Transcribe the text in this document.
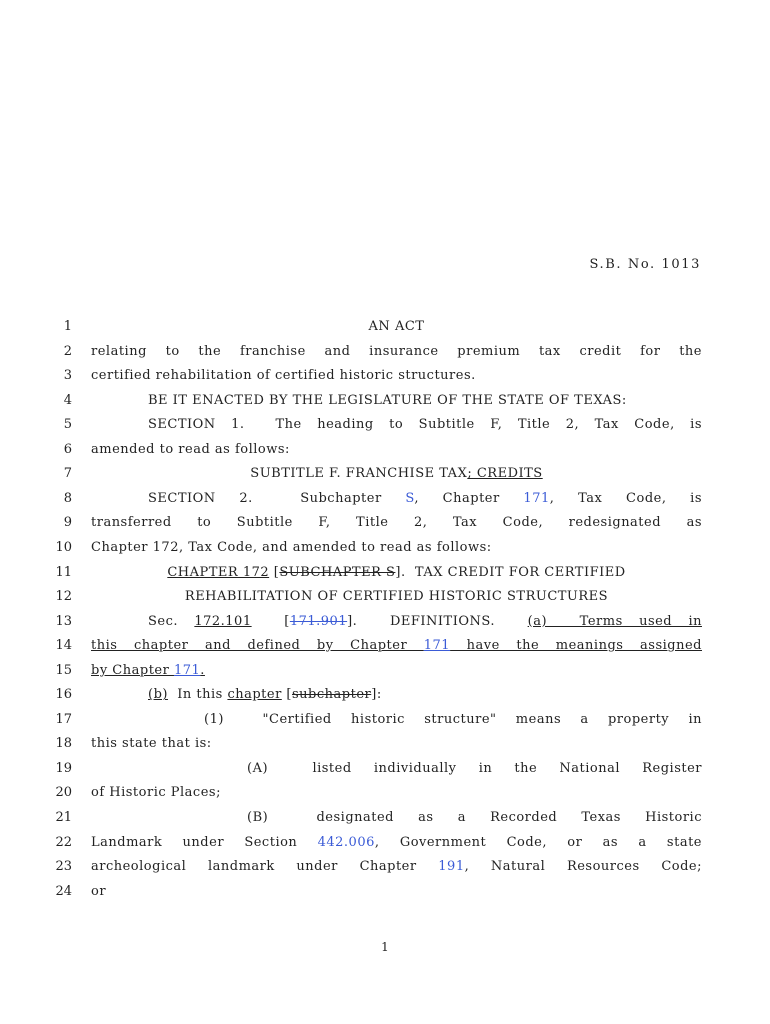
S.B. No. 1013
1	AN ACT
2 relating to the franchise and insurance premium tax credit for the
3 certified rehabilitation of certified historic structures.
4	BE IT ENACTED BY THE LEGISLATURE OF THE STATE OF TEXAS:
5	SECTION 1.  The heading to Subtitle F, Title 2, Tax Code, is
6 amended to read as follows:
7	SUBTITLE F. FRANCHISE TAX; CREDITS
8	SECTION 2.  Subchapter S, Chapter 171, Tax Code, is
9 transferred to Subtitle F, Title 2, Tax Code, redesignated as
10 Chapter 172, Tax Code, and amended to read as follows:
11	CHAPTER 172 [SUBCHAPTER S].  TAX CREDIT FOR CERTIFIED
12	REHABILITATION OF CERTIFIED HISTORIC STRUCTURES
13	Sec. 172.101  [171.901].  DEFINITIONS.  (a)  Terms used in
14 this chapter and defined by Chapter 171 have the meanings assigned
15 by Chapter 171.
16	(b)  In this chapter [subchapter]:
17	(1)  "Certified historic structure" means a property in
18 this state that is:
19	(A)  listed individually in the National Register
20 of Historic Places;
21	(B)  designated as a Recorded Texas Historic
22 Landmark under Section 442.006, Government Code, or as a state
23 archeological landmark under Chapter 191, Natural Resources Code;
24 or
1
